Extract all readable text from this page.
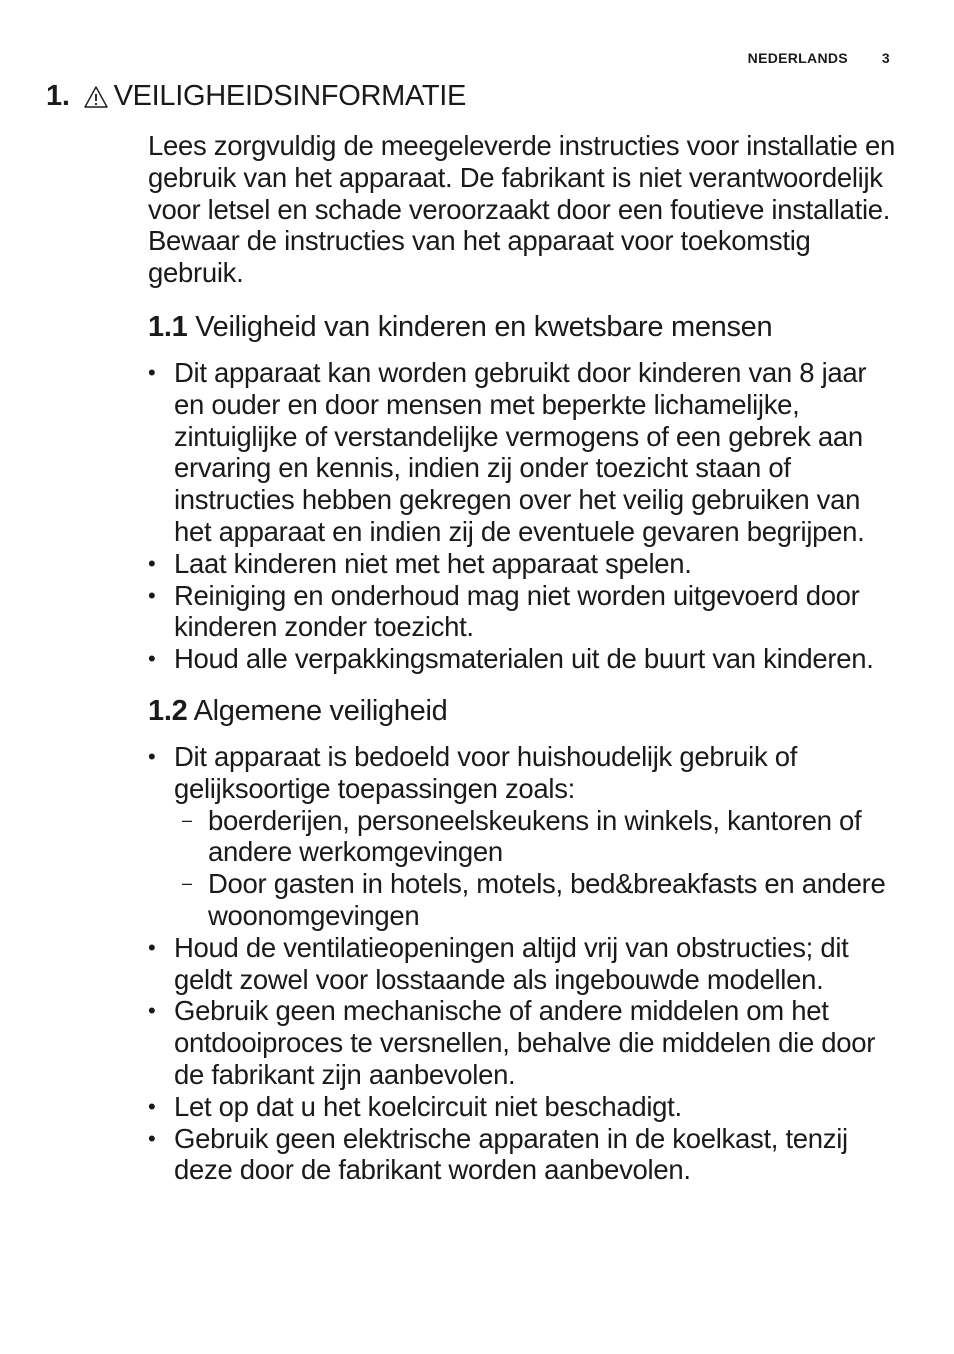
NEDERLANDS 3
1. VEILIGHEIDSINFORMATIE

Lees zorgvuldig de meegeleverde instructies voor installatie en gebruik van het apparaat. De fabrikant is niet verantwoordelijk voor letsel en schade veroorzaakt door een foutieve installatie. Bewaar de instructies van het apparaat voor toekomstig gebruik.

1.1 Veiligheid van kinderen en kwetsbare mensen
• Dit apparaat kan worden gebruikt door kinderen van 8 jaar en ouder en door mensen met beperkte lichamelijke, zintuiglijke of verstandelijke vermogens of een gebrek aan ervaring en kennis, indien zij onder toezicht staan of instructies hebben gekregen over het veilig gebruiken van het apparaat en indien zij de eventuele gevaren begrijpen.
• Laat kinderen niet met het apparaat spelen.
• Reiniging en onderhoud mag niet worden uitgevoerd door kinderen zonder toezicht.
• Houd alle verpakkingsmaterialen uit de buurt van kinderen.
1.2 Algemene veiligheid
• Dit apparaat is bedoeld voor huishoudelijk gebruik of gelijksoortige toepassingen zoals:
– boerderijen, personeelskeukens in winkels, kantoren of andere werkomgevingen
– Door gasten in hotels, motels, bed&breakfasts en andere woonomgevingen
• Houd de ventilatieopeningen altijd vrij van obstructies; dit geldt zowel voor losstaande als ingebouwde modellen.
• Gebruik geen mechanische of andere middelen om het ontdooiproces te versnellen, behalve die middelen die door de fabrikant zijn aanbevolen.
• Let op dat u het koelcircuit niet beschadigt.
• Gebruik geen elektrische apparaten in de koelkast, tenzij deze door de fabrikant worden aanbevolen.
